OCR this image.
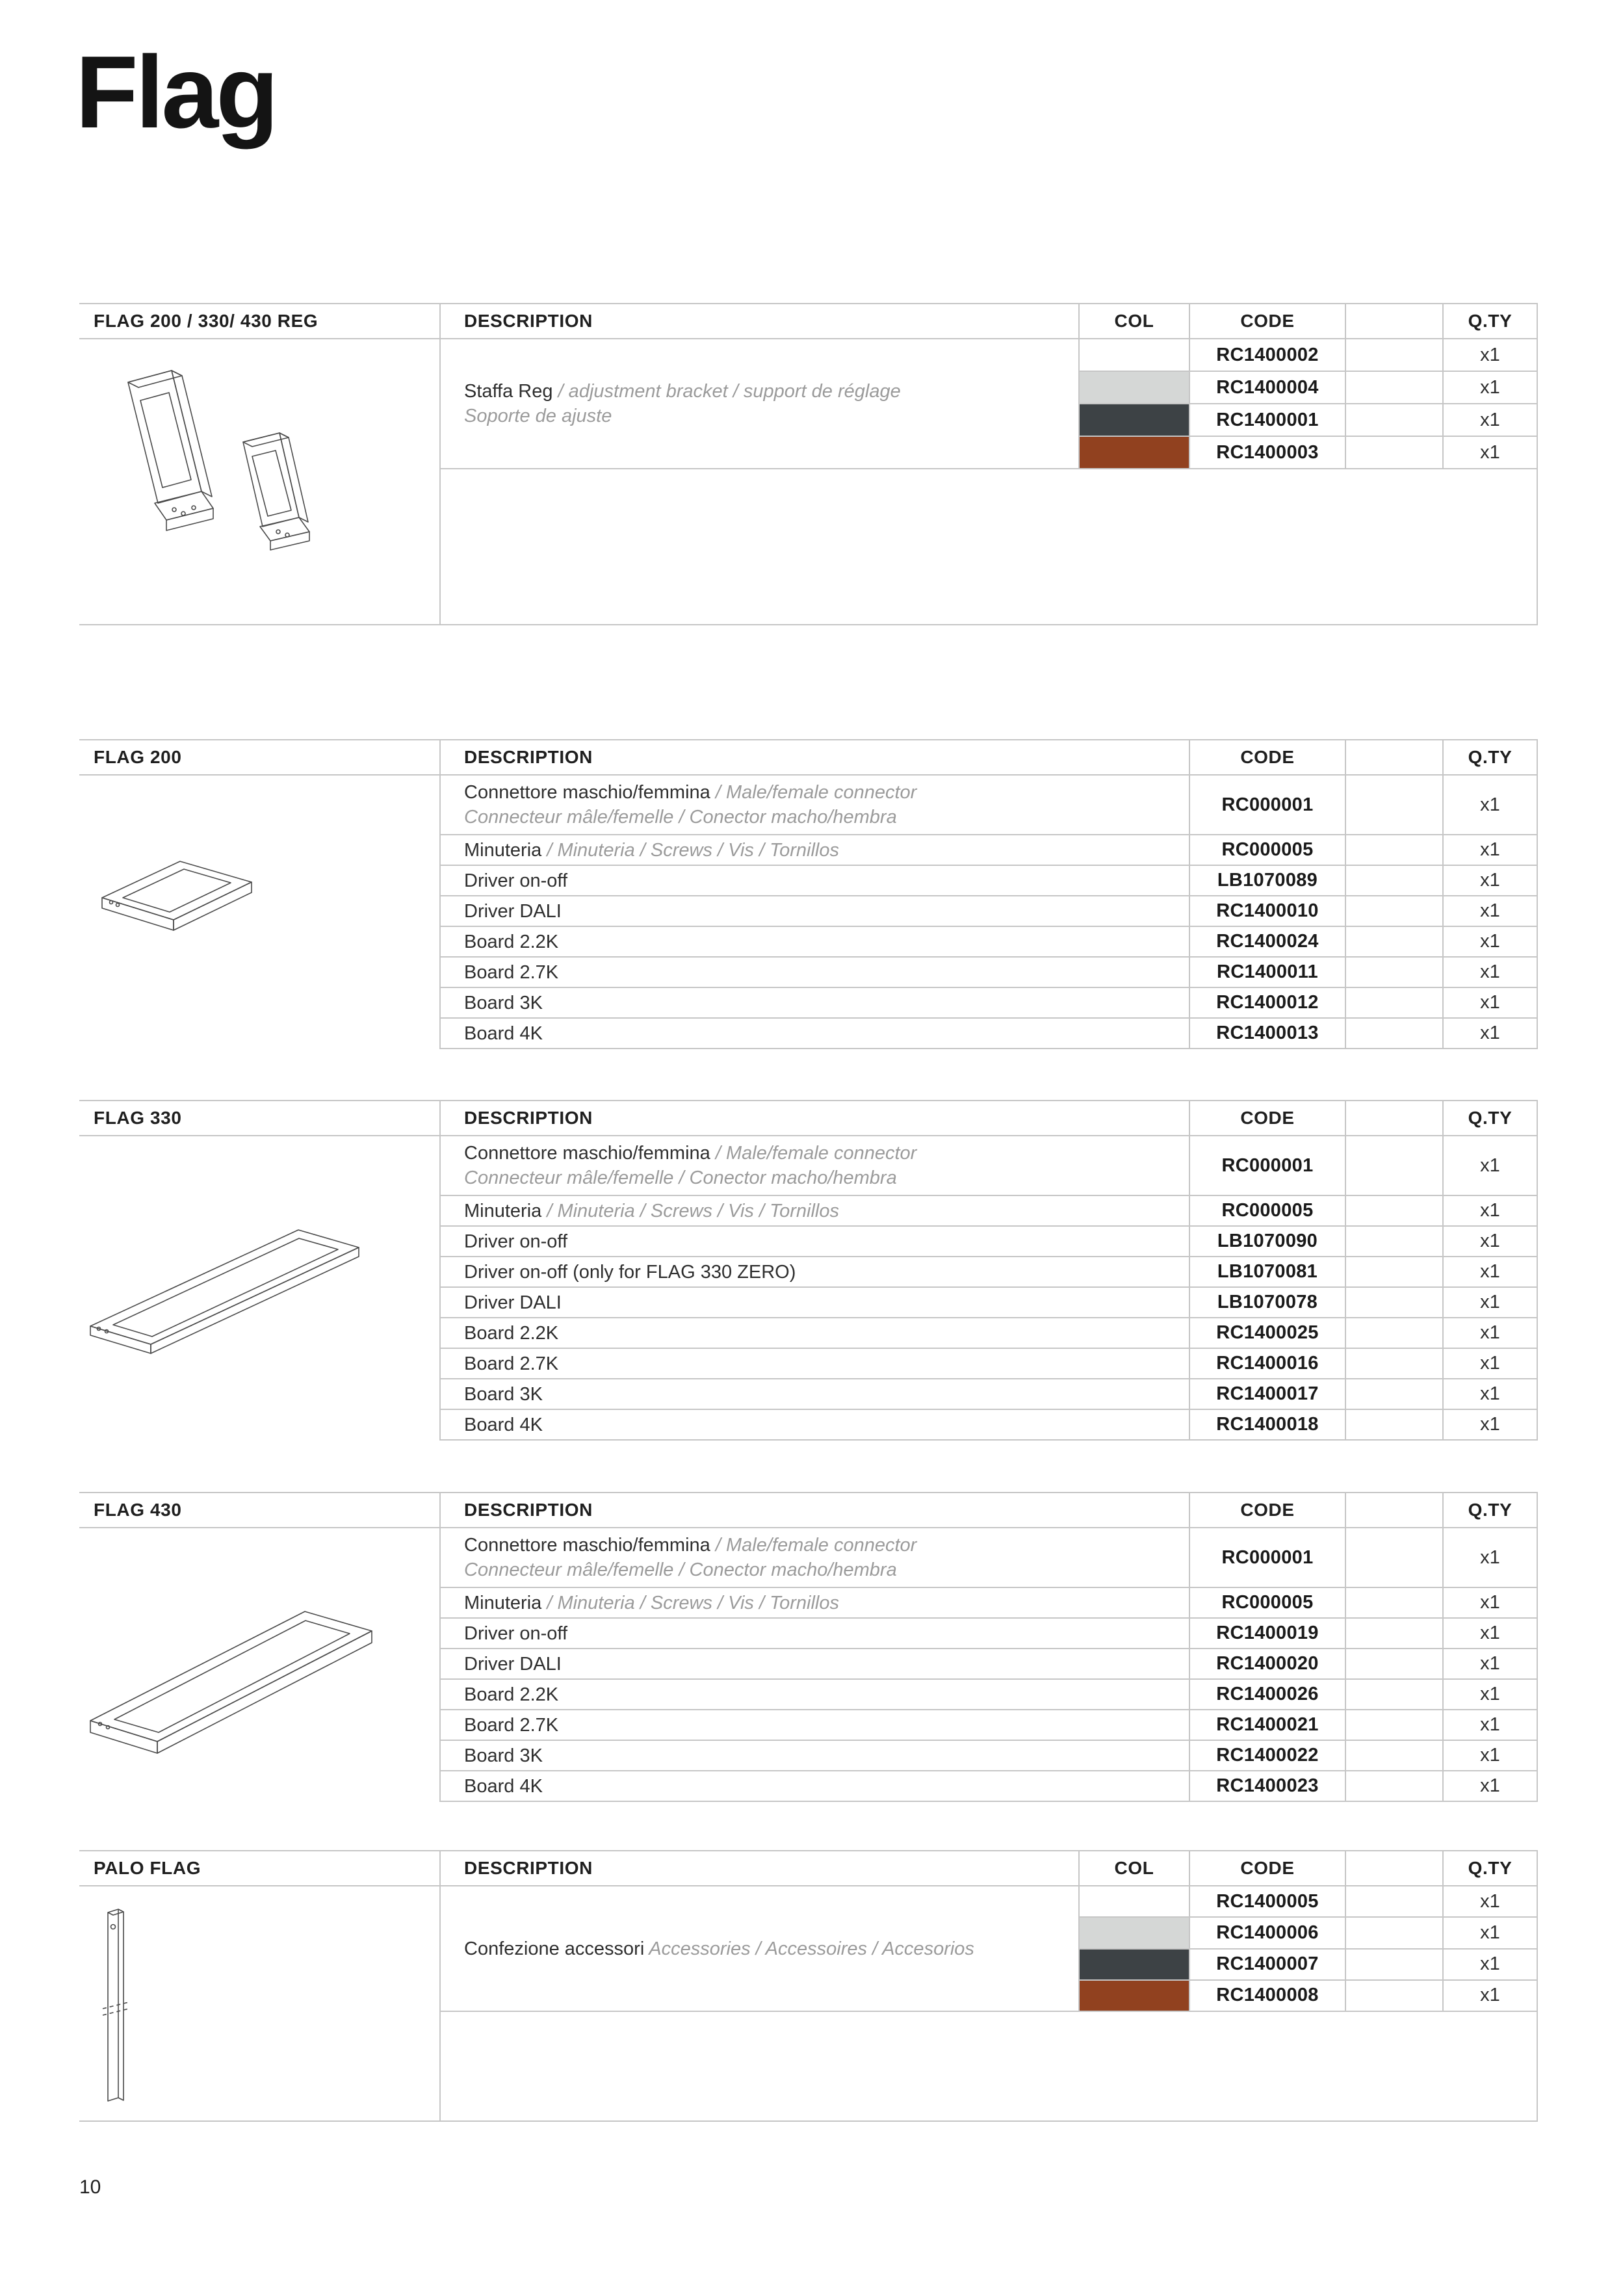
Flag
FLAG 200 / 330/ 430 REG	DESCRIPTION	COL	CODE		Q.TY

Staffa Reg / adjustment bracket / support de réglage
Soporte de ajuste		RC1400002		x1
			RC1400004		x1
			RC1400001		x1
			RC1400003		x1

FLAG 200	DESCRIPTION	CODE		Q.TY

Connettore maschio/femmina / Male/female connector
Connecteur mâle/femelle / Conector macho/hembra	RC000001		x1

	Minuteria / Minuteria / Screws / Vis / Tornillos	RC000005		x1

	Driver on-off	LB1070089		x1

	Driver DALI	RC1400010		x1

	Board 2.2K	RC1400024		x1

	Board 2.7K	RC1400011		x1

	Board 3K	RC1400012		x1

	Board 4K	RC1400013		x1
FLAG 330	DESCRIPTION	CODE		Q.TY

Connettore maschio/femmina / Male/female connector
Connecteur mâle/femelle / Conector macho/hembra	RC000001		x1

	Minuteria / Minuteria / Screws / Vis / Tornillos	RC000005		x1

	Driver on-off	LB1070090		x1

	Driver on-off (only for FLAG 330 ZERO)	LB1070081		x1

	Driver DALI	LB1070078		x1

	Board 2.2K	RC1400025		x1

	Board 2.7K	RC1400016		x1

	Board 3K	RC1400017		x1

	Board 4K	RC1400018		x1
FLAG 430	DESCRIPTION	CODE		Q.TY

Connettore maschio/femmina / Male/female connector
Connecteur mâle/femelle / Conector macho/hembra	RC000001		x1

	Minuteria / Minuteria / Screws / Vis / Tornillos	RC000005		x1

	Driver on-off	RC1400019		x1

	Driver DALI	RC1400020		x1

	Board 2.2K	RC1400026		x1

	Board 2.7K	RC1400021		x1

	Board 3K	RC1400022		x1

	Board 4K	RC1400023		x1
PALO FLAG	DESCRIPTION	COL	CODE		Q.TY

Confezione accessori Accessories / Accessoires / Accesorios		RC1400005		x1
			RC1400006		x1
			RC1400007		x1
			RC1400008		x1

10
